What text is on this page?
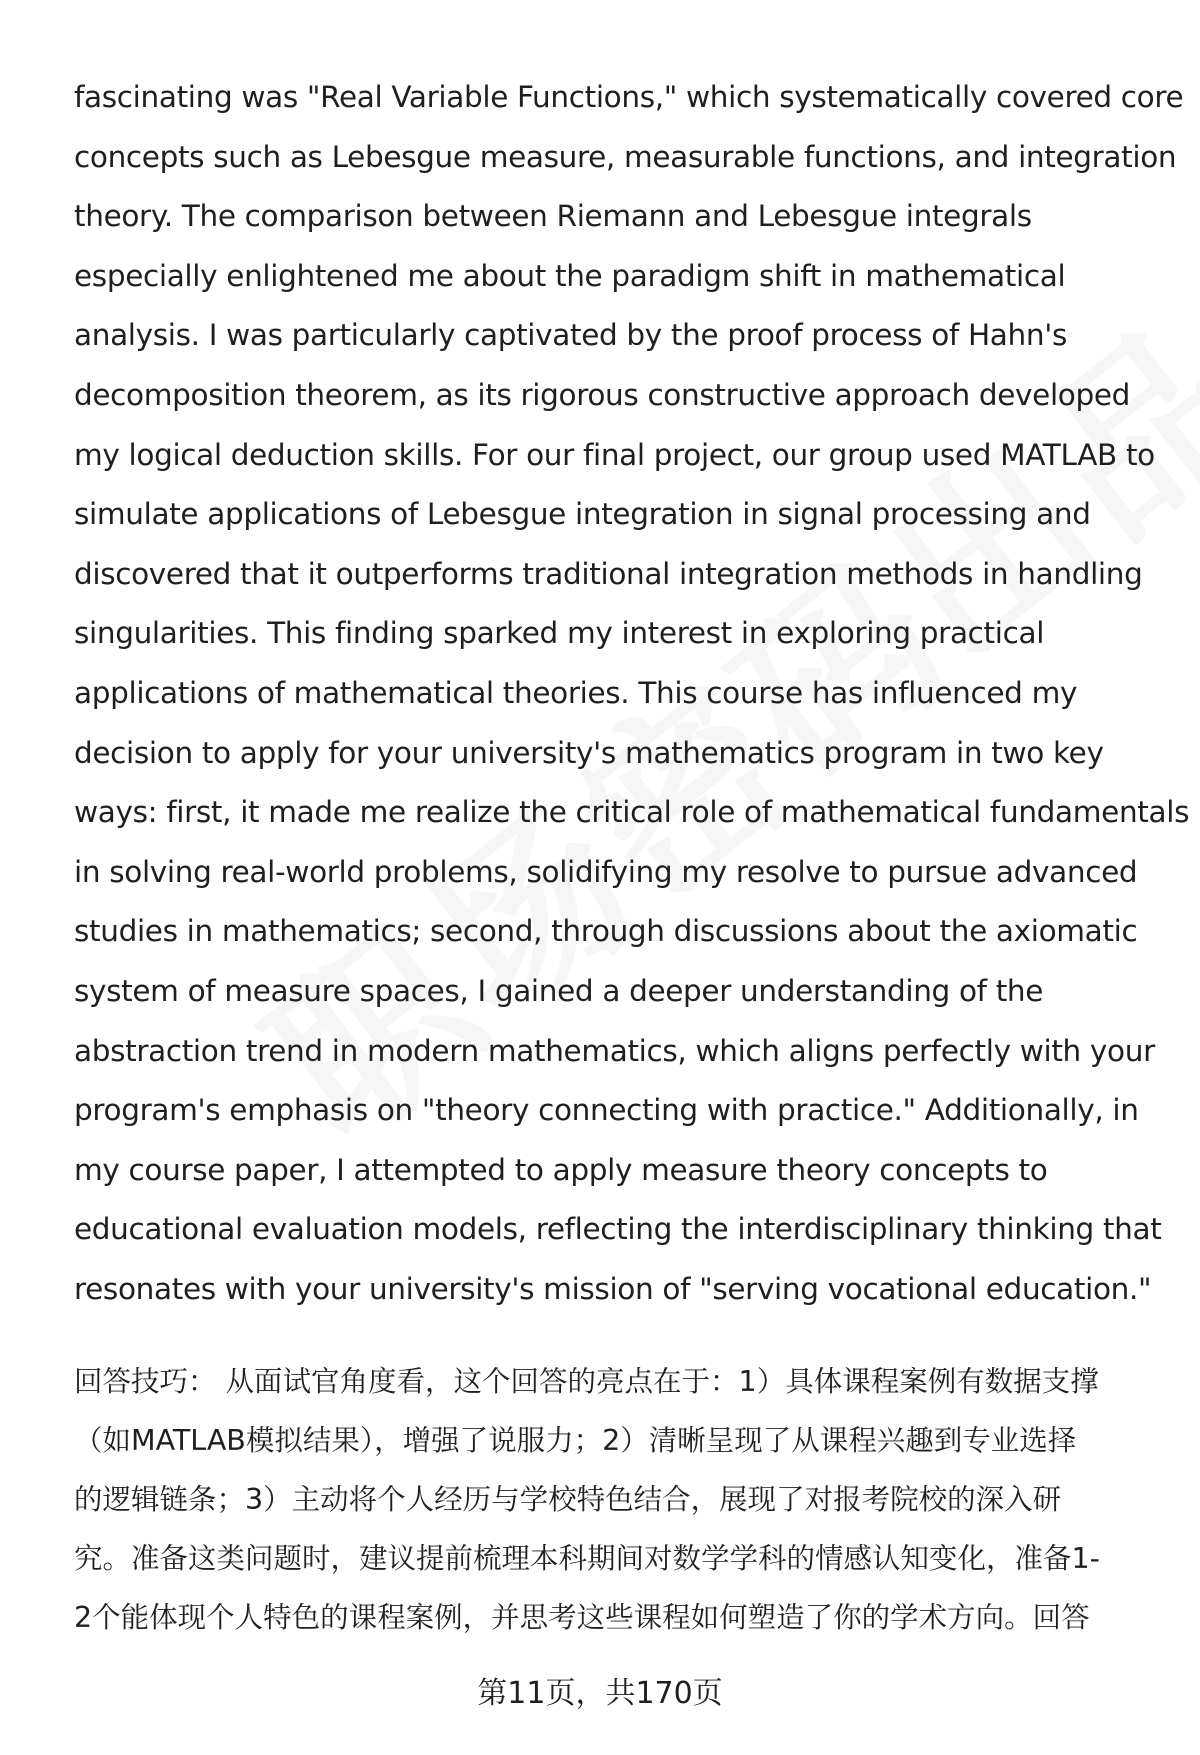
fascinating was "Real Variable Functions," which systematically covered core
concepts such as Lebesgue measure, measurable functions, and integration
theory. The comparison between Riemann and Lebesgue integrals
especially enlightened me about the paradigm shift in mathematical
analysis. I was particularly captivated by the proof process of Hahn's
decomposition theorem, as its rigorous constructive approach developed
my logical deduction skills. For our final project, our group used MATLAB to
simulate applications of Lebesgue integration in signal processing and
discovered that it outperforms traditional integration methods in handling
singularities. This finding sparked my interest in exploring practical
applications of mathematical theories. This course has influenced my
decision to apply for your university's mathematics program in two key
ways: first, it made me realize the critical role of mathematical fundamentals
in solving real-world problems, solidifying my resolve to pursue advanced
studies in mathematics; second, through discussions about the axiomatic
system of measure spaces, I gained a deeper understanding of the
abstraction trend in modern mathematics, which aligns perfectly with your
program's emphasis on "theory connecting with practice." Additionally, in
my course paper, I attempted to apply measure theory concepts to
educational evaluation models, reflecting the interdisciplinary thinking that
resonates with your university's mission of "serving vocational education."

回答技巧： 从面试官角度看，这个回答的亮点在于：1）具体课程案例有数据支撑
（如MATLAB模拟结果），增强了说服力；2）清晰呈现了从课程兴趣到专业选择
的逻辑链条；3）主动将个人经历与学校特色结合，展现了对报考院校的深入研
究。准备这类问题时，建议提前梳理本科期间对数学学科的情感认知变化，准备1-
2个能体现个人特色的课程案例，并思考这些课程如何塑造了你的学术方向。回答
第11页，共170页
